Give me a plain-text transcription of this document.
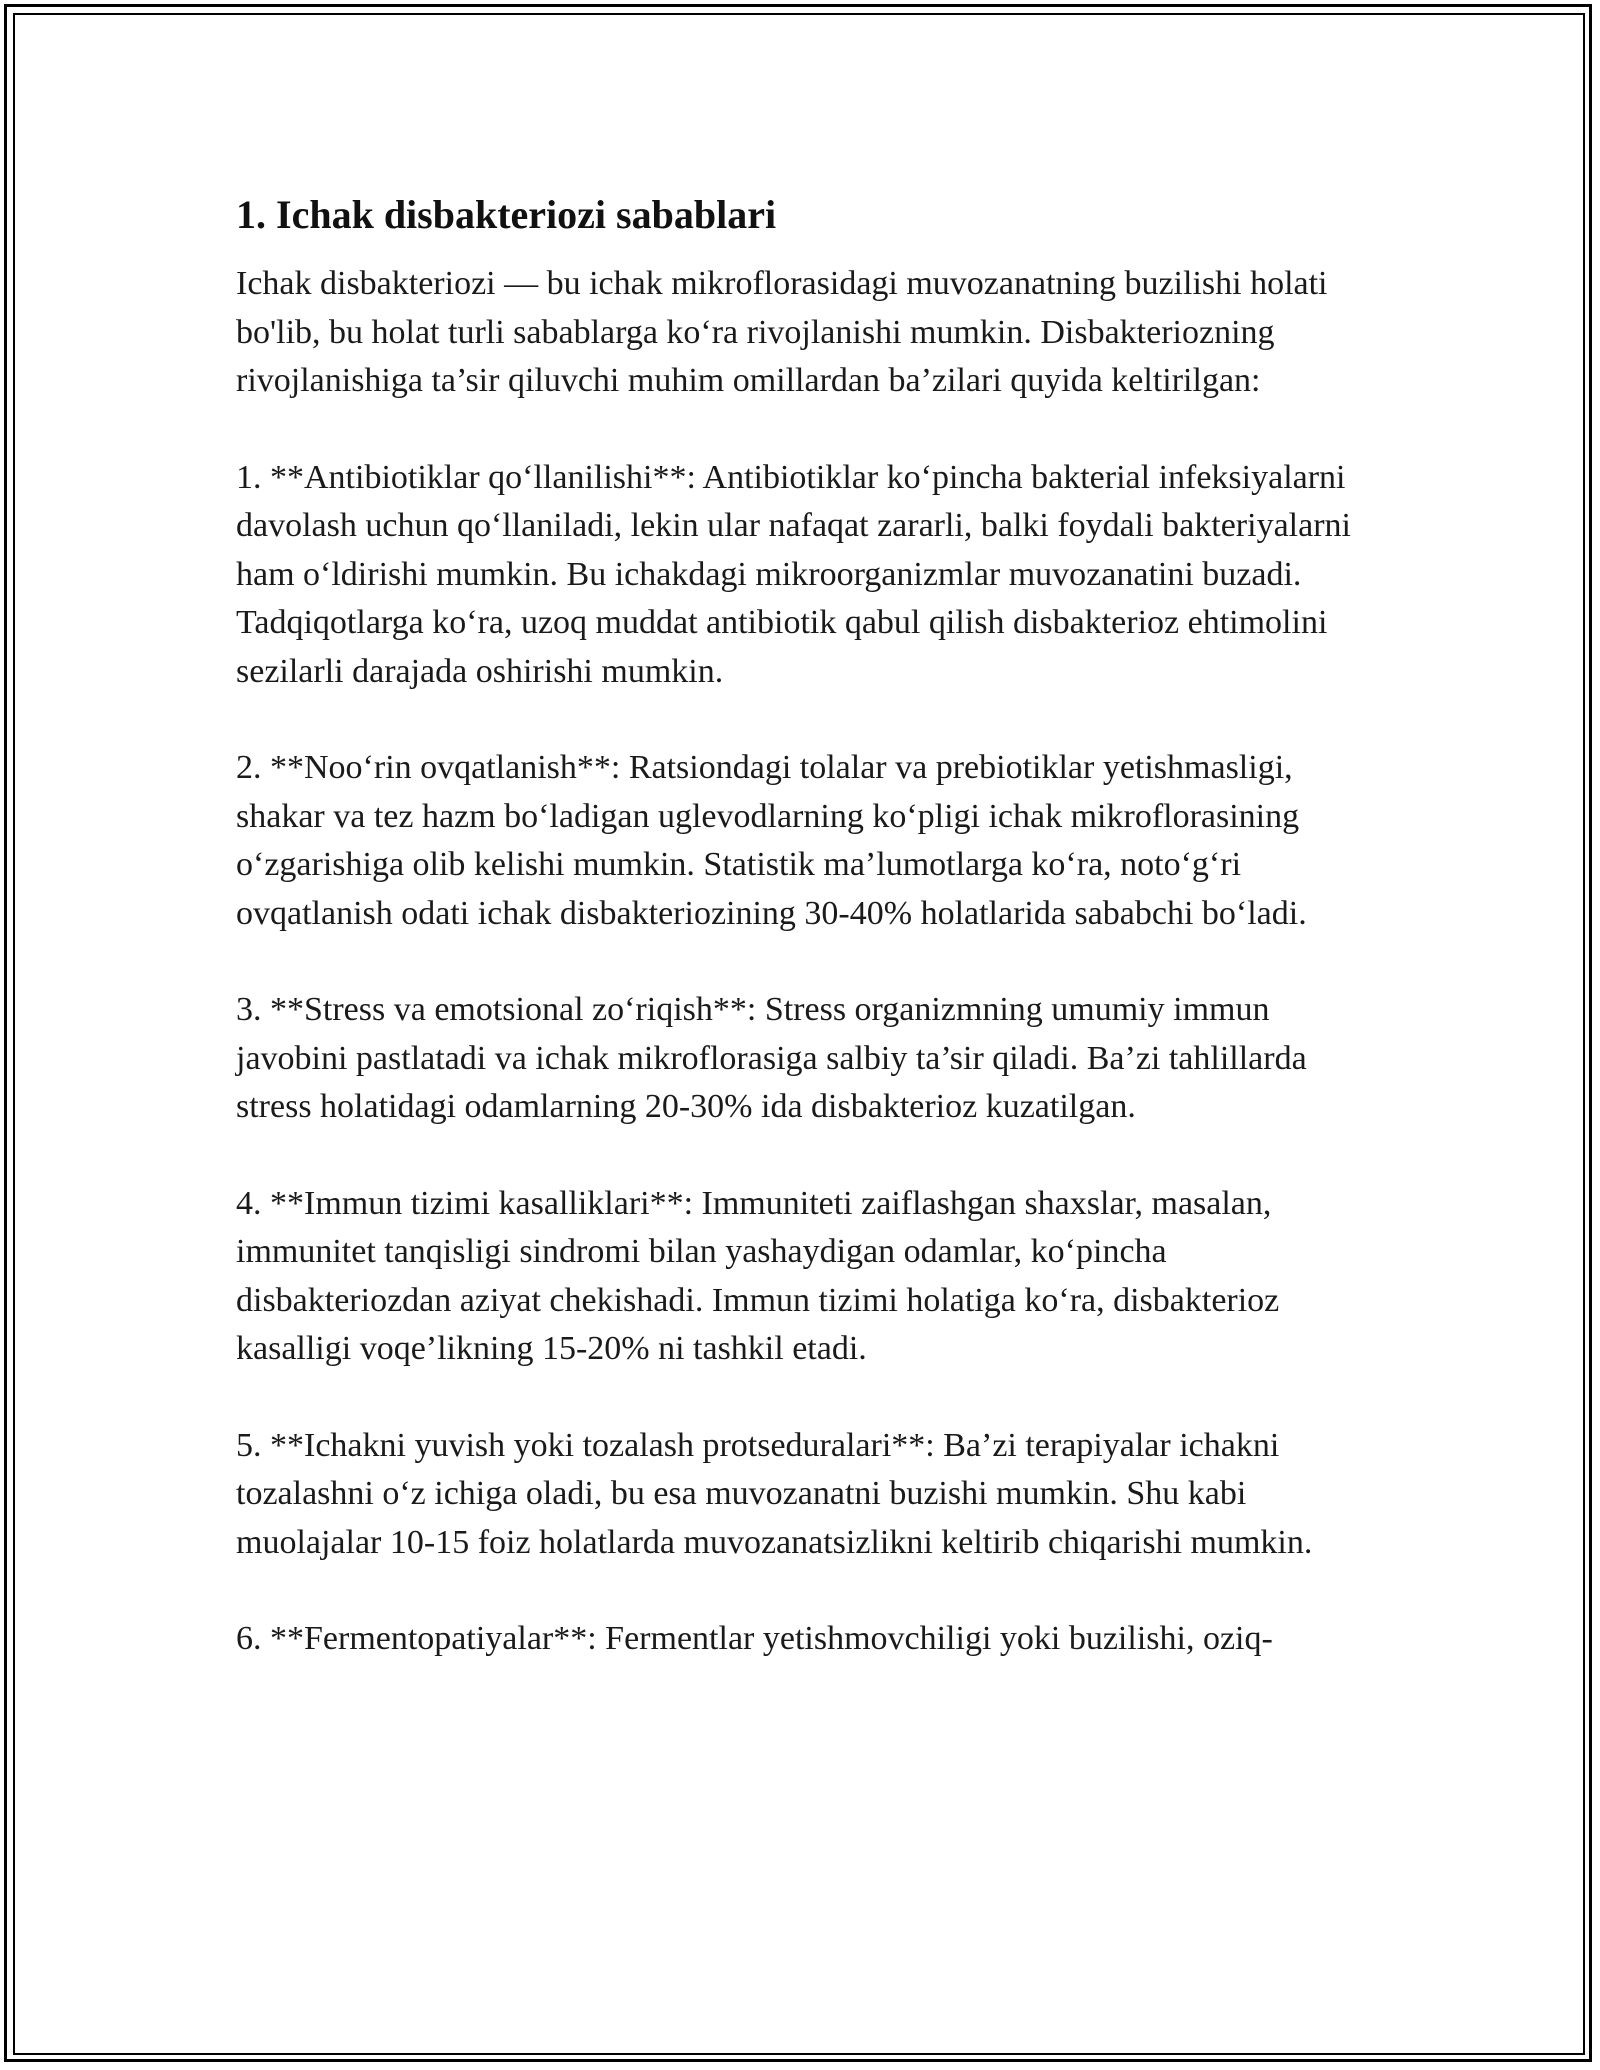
1. Ichak disbakteriozi sabablari

Ichak disbakteriozi — bu ichak mikroflorasidagi muvozanatning buzilishi holati bo'lib, bu holat turli sabablarga ko‘ra rivojlanishi mumkin. Disbakteriozning rivojlanishiga ta’sir qiluvchi muhim omillardan ba’zilari quyida keltirilgan:

1. **Antibiotiklar qo‘llanilishi**: Antibiotiklar ko‘pincha bakterial infeksiyalarni davolash uchun qo‘llaniladi, lekin ular nafaqat zararli, balki foydali bakteriyalarni ham o‘ldirishi mumkin. Bu ichakdagi mikroorganizmlar muvozanatini buzadi. Tadqiqotlarga ko‘ra, uzoq muddat antibiotik qabul qilish disbakterioz ehtimolini sezilarli darajada oshirishi mumkin.

2. **Noo‘rin ovqatlanish**: Ratsiondagi tolalar va prebiotiklar yetishmasligi, shakar va tez hazm bo‘ladigan uglevodlarning ko‘pligi ichak mikroflorasining o‘zgarishiga olib kelishi mumkin. Statistik ma’lumotlarga ko‘ra, noto‘g‘ri ovqatlanish odati ichak disbakteriozining 30-40% holatlarida sababchi bo‘ladi.

3. **Stress va emotsional zo‘riqish**: Stress organizmning umumiy immun javobini pastlatadi va ichak mikroflorasiga salbiy ta’sir qiladi. Ba’zi tahlillarda stress holatidagi odamlarning 20-30% ida disbakterioz kuzatilgan.

4. **Immun tizimi kasalliklari**: Immuniteti zaiflashgan shaxslar, masalan, immunitet tanqisligi sindromi bilan yashaydigan odamlar, ko‘pincha disbakteriozdan aziyat chekishadi. Immun tizimi holatiga ko‘ra, disbakterioz kasalligi voqe’likning 15-20% ni tashkil etadi.

5. **Ichakni yuvish yoki tozalash protseduralari**: Ba’zi terapiyalar ichakni tozalashni o‘z ichiga oladi, bu esa muvozanatni buzishi mumkin. Shu kabi muolajalar 10-15 foiz holatlarda muvozanatsizlikni keltirib chiqarishi mumkin.

6. **Fermentopatiyalar**: Fermentlar yetishmovchiligi yoki buzilishi, oziq-
